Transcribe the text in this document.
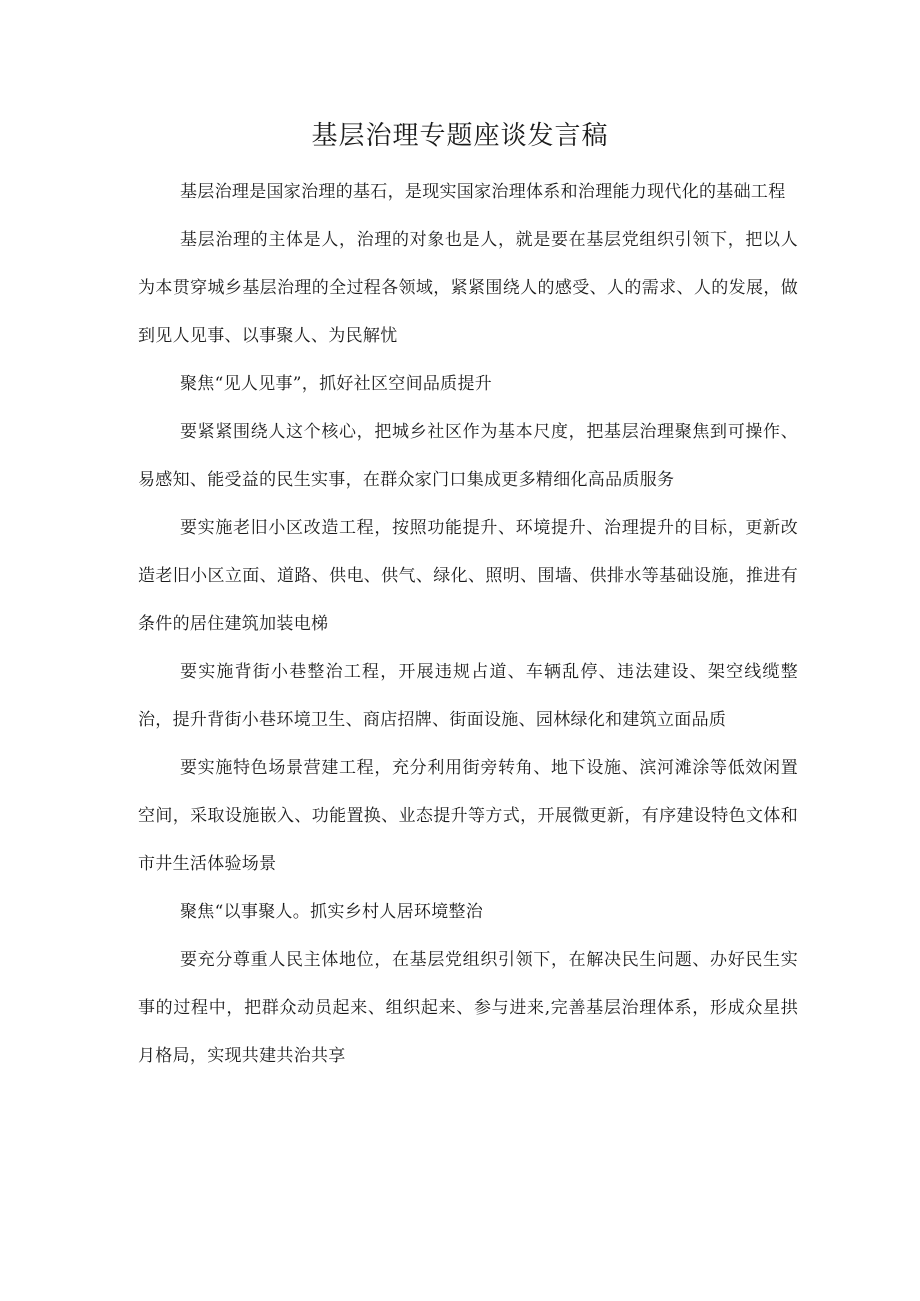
基层治理专题座谈发言稿

基层治理是国家治理的基石，是现实国家治理体系和治理能力现代化的基础工程

基层治理的主体是人，治理的对象也是人，就是要在基层党组织引领下，把以人为本贯穿城乡基层治理的全过程各领域，紧紧围绕人的感受、人的需求、人的发展，做到见人见事、以事聚人、为民解忧

聚焦“见人见事”，抓好社区空间品质提升

要紧紧围绕人这个核心，把城乡社区作为基本尺度，把基层治理聚焦到可操作、易感知、能受益的民生实事，在群众家门口集成更多精细化高品质服务

要实施老旧小区改造工程，按照功能提升、环境提升、治理提升的目标，更新改造老旧小区立面、道路、供电、供气、绿化、照明、围墙、供排水等基础设施，推进有条件的居住建筑加装电梯

要实施背街小巷整治工程，开展违规占道、车辆乱停、违法建设、架空线缆整治，提升背街小巷环境卫生、商店招牌、街面设施、园林绿化和建筑立面品质

要实施特色场景营建工程，充分利用街旁转角、地下设施、滨河滩涂等低效闲置空间，采取设施嵌入、功能置换、业态提升等方式，开展微更新，有序建设特色文体和市井生活体验场景

聚焦“以事聚人。抓实乡村人居环境整治

要充分尊重人民主体地位，在基层党组织引领下，在解决民生问题、办好民生实事的过程中，把群众动员起来、组织起来、参与进来,完善基层治理体系，形成众星拱月格局，实现共建共治共享
